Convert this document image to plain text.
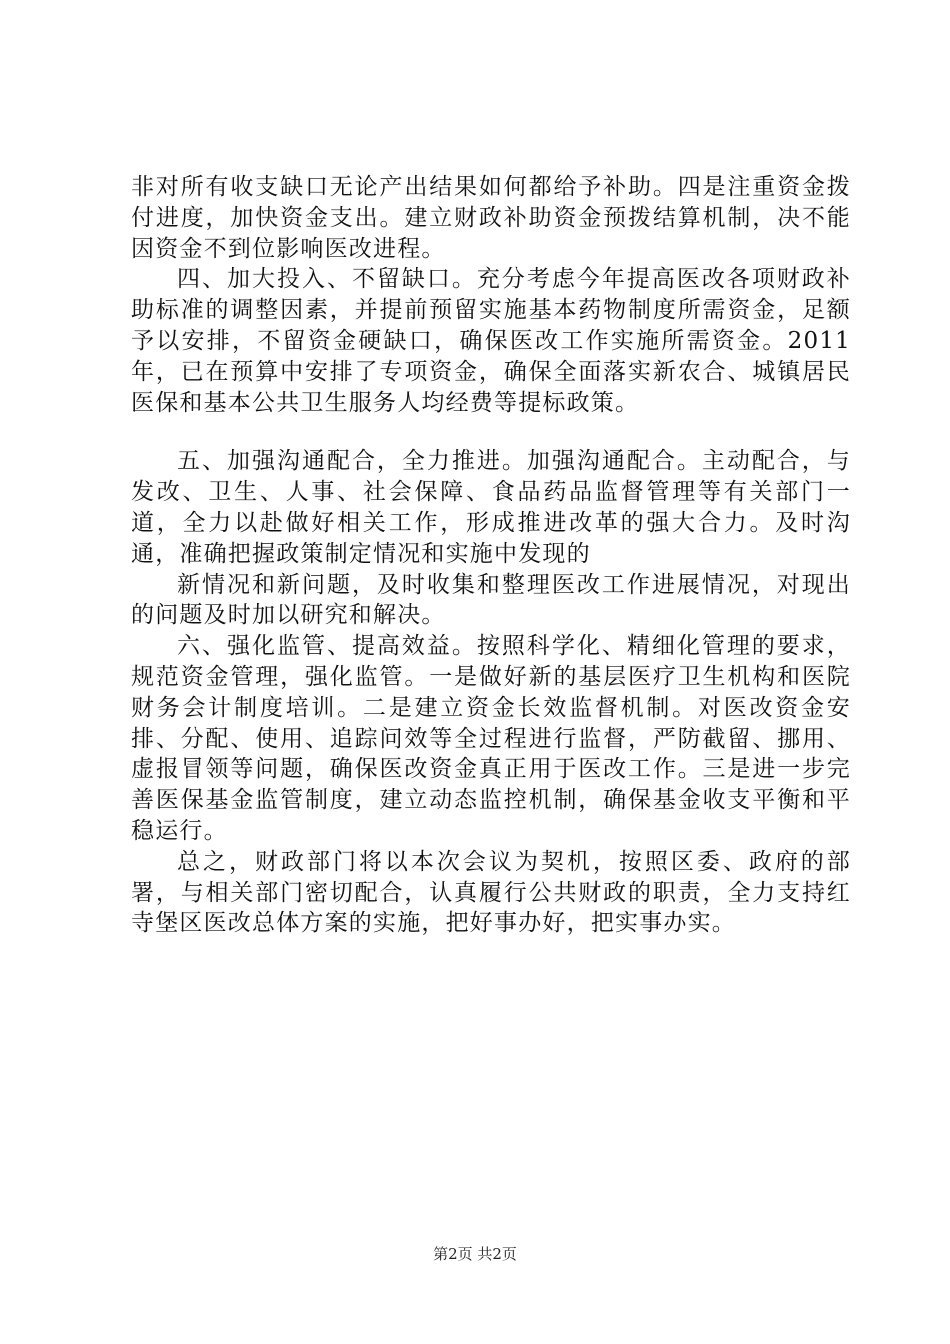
非对所有收支缺口无论产出结果如何都给予补助。四是注重资金拨付进度，加快资金支出。建立财政补助资金预拨结算机制，决不能因资金不到位影响医改进程。

四、加大投入、不留缺口。充分考虑今年提高医改各项财政补助标准的调整因素，并提前预留实施基本药物制度所需资金，足额予以安排，不留资金硬缺口，确保医改工作实施所需资金。2011年，已在预算中安排了专项资金，确保全面落实新农合、城镇居民医保和基本公共卫生服务人均经费等提标政策。

五、加强沟通配合，全力推进。加强沟通配合。主动配合，与发改、卫生、人事、社会保障、食品药品监督管理等有关部门一道，全力以赴做好相关工作，形成推进改革的强大合力。及时沟通，准确把握政策制定情况和实施中发现的

新情况和新问题，及时收集和整理医改工作进展情况，对现出的问题及时加以研究和解决。

六、强化监管、提高效益。按照科学化、精细化管理的要求，规范资金管理，强化监管。一是做好新的基层医疗卫生机构和医院财务会计制度培训。二是建立资金长效监督机制。对医改资金安排、分配、使用、追踪问效等全过程进行监督，严防截留、挪用、虚报冒领等问题，确保医改资金真正用于医改工作。三是进一步完善医保基金监管制度，建立动态监控机制，确保基金收支平衡和平稳运行。

总之，财政部门将以本次会议为契机，按照区委、政府的部署，与相关部门密切配合，认真履行公共财政的职责，全力支持红寺堡区医改总体方案的实施，把好事办好，把实事办实。

第2页 共2页
